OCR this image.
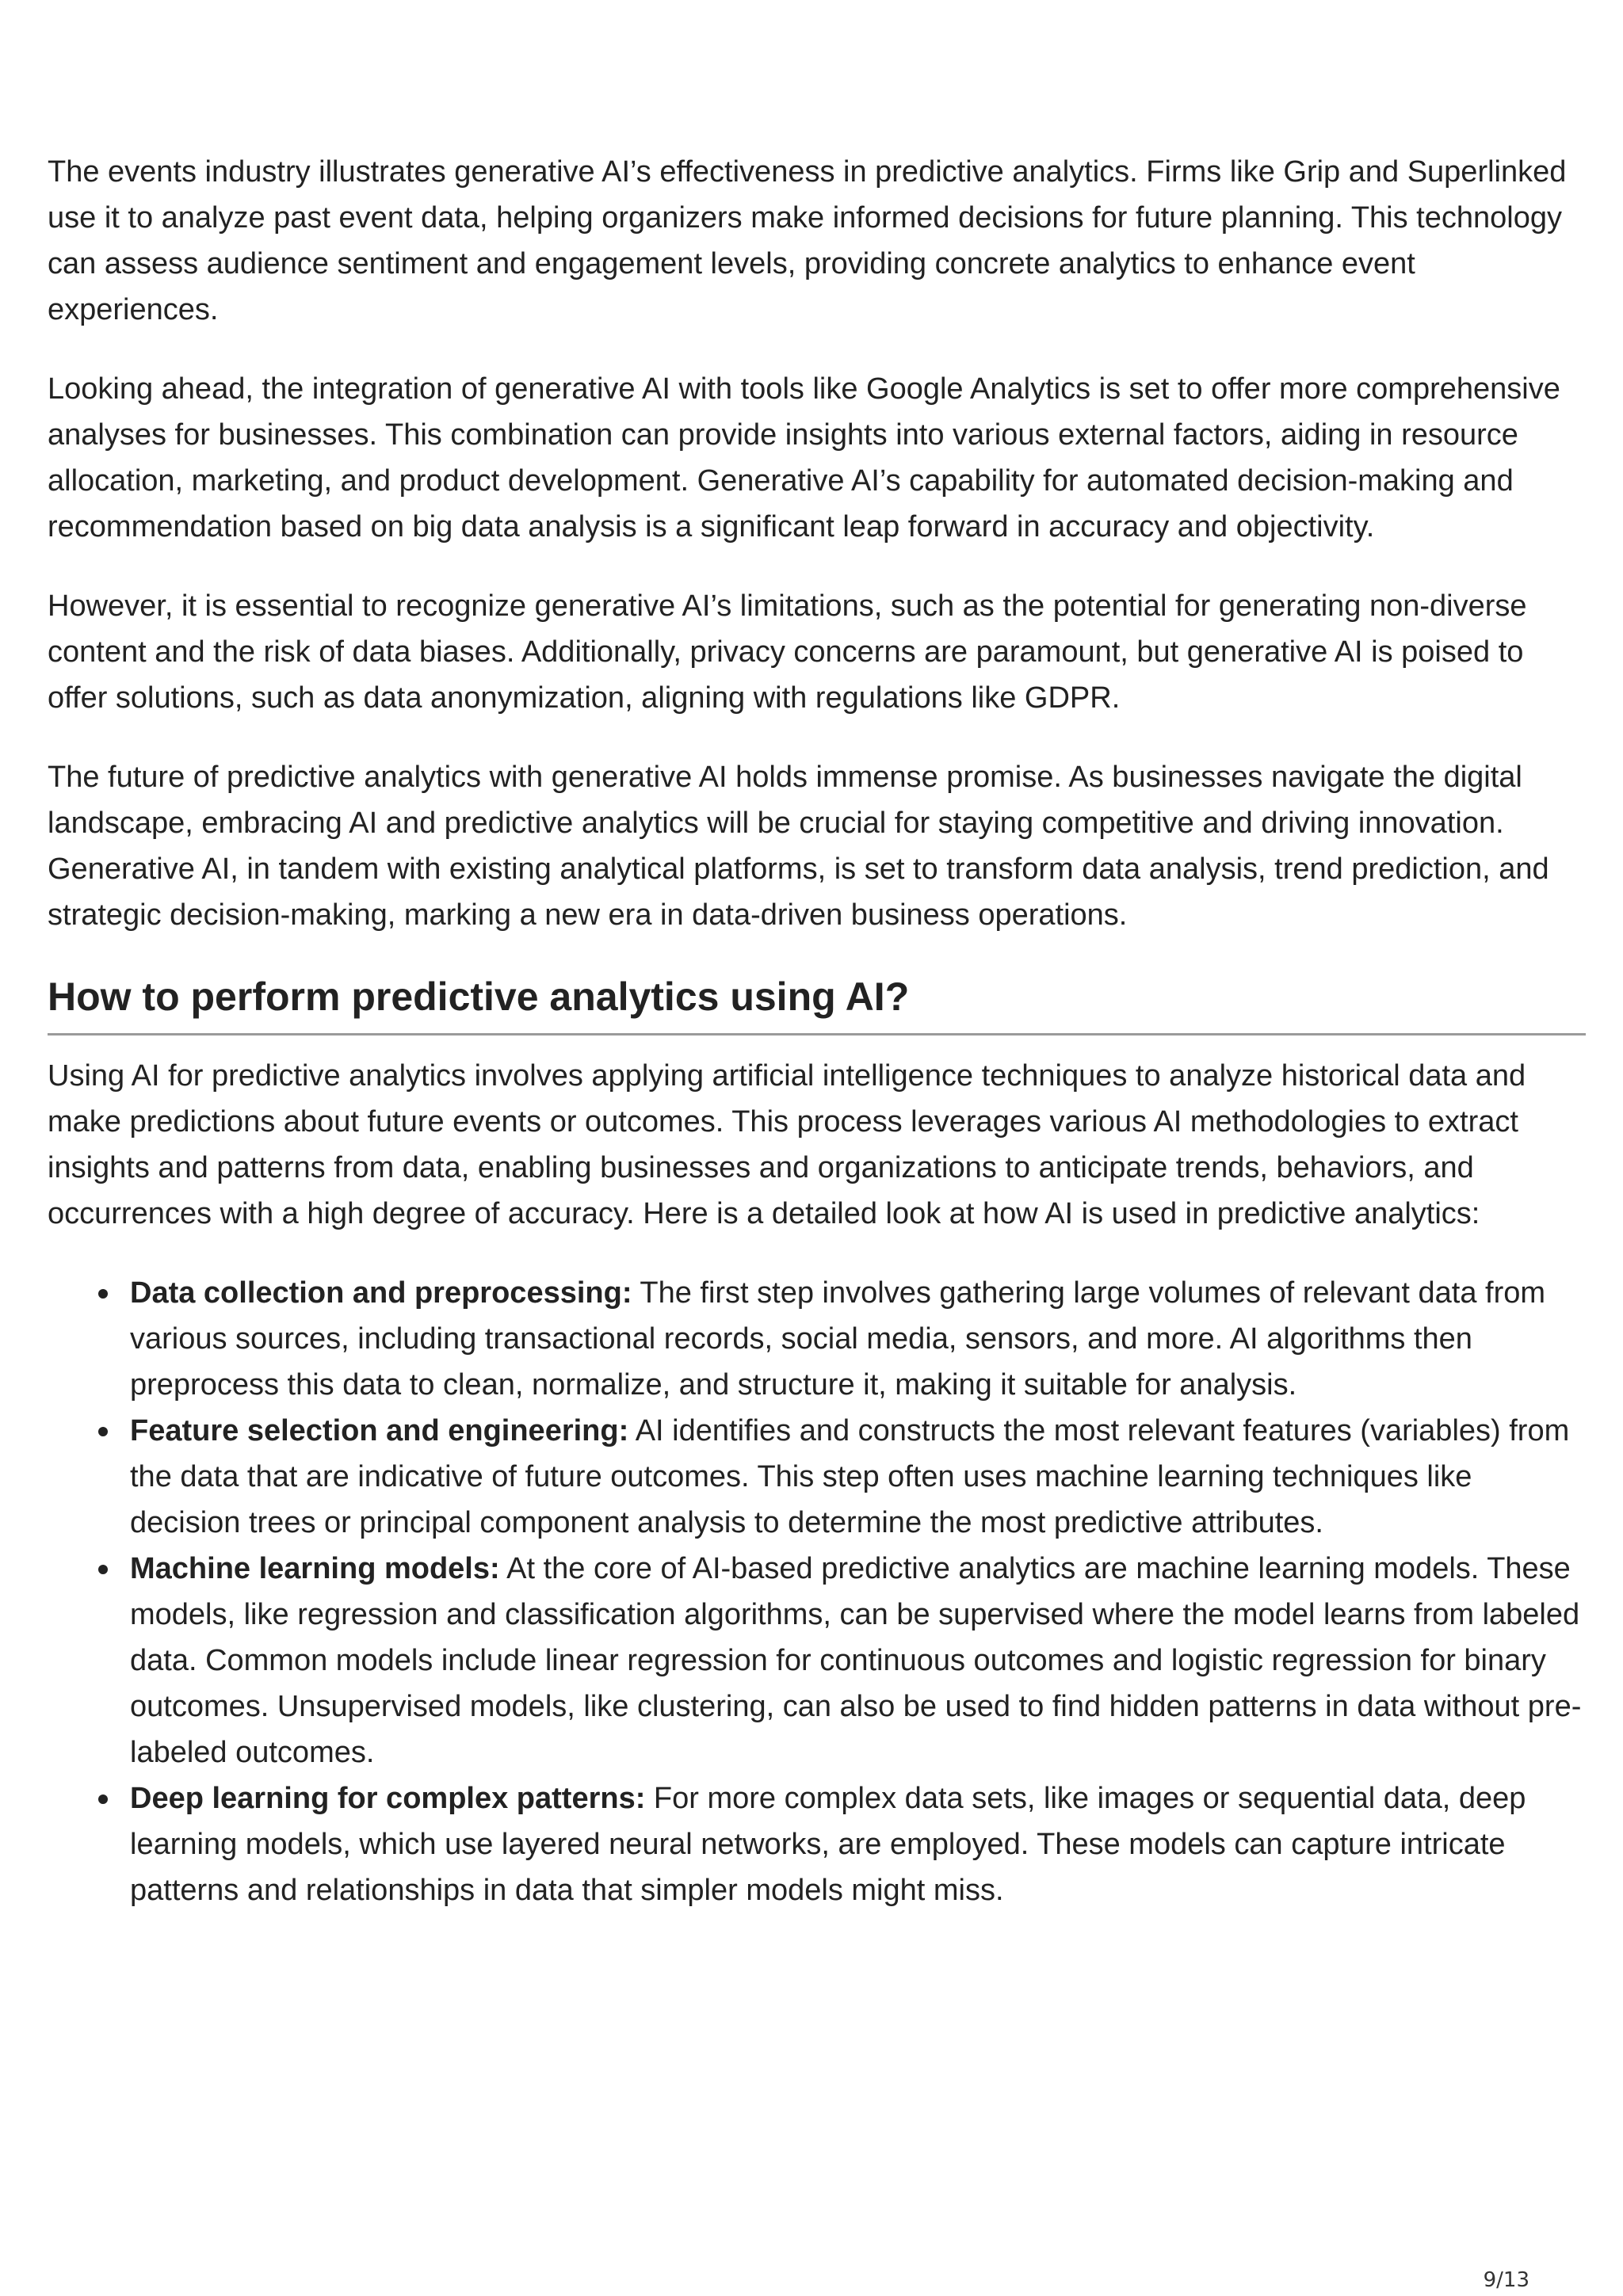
The events industry illustrates generative AI’s effectiveness in predictive analytics. Firms like Grip and Superlinked use it to analyze past event data, helping organizers make informed decisions for future planning. This technology can assess audience sentiment and engagement levels, providing concrete analytics to enhance event experiences.

Looking ahead, the integration of generative AI with tools like Google Analytics is set to offer more comprehensive analyses for businesses. This combination can provide insights into various external factors, aiding in resource allocation, marketing, and product development. Generative AI’s capability for automated decision-making and recommendation based on big data analysis is a significant leap forward in accuracy and objectivity.

However, it is essential to recognize generative AI’s limitations, such as the potential for generating non-diverse content and the risk of data biases. Additionally, privacy concerns are paramount, but generative AI is poised to offer solutions, such as data anonymization, aligning with regulations like GDPR.

The future of predictive analytics with generative AI holds immense promise. As businesses navigate the digital landscape, embracing AI and predictive analytics will be crucial for staying competitive and driving innovation. Generative AI, in tandem with existing analytical platforms, is set to transform data analysis, trend prediction, and strategic decision-making, marking a new era in data-driven business operations.

How to perform predictive analytics using AI?

Using AI for predictive analytics involves applying artificial intelligence techniques to analyze historical data and make predictions about future events or outcomes. This process leverages various AI methodologies to extract insights and patterns from data, enabling businesses and organizations to anticipate trends, behaviors, and occurrences with a high degree of accuracy. Here is a detailed look at how AI is used in predictive analytics:

Data collection and preprocessing: The first step involves gathering large volumes of relevant data from various sources, including transactional records, social media, sensors, and more. AI algorithms then preprocess this data to clean, normalize, and structure it, making it suitable for analysis.
Feature selection and engineering: AI identifies and constructs the most relevant features (variables) from the data that are indicative of future outcomes. This step often uses machine learning techniques like decision trees or principal component analysis to determine the most predictive attributes.
Machine learning models: At the core of AI-based predictive analytics are machine learning models. These models, like regression and classification algorithms, can be supervised where the model learns from labeled data. Common models include linear regression for continuous outcomes and logistic regression for binary outcomes. Unsupervised models, like clustering, can also be used to find hidden patterns in data without pre-labeled outcomes.
Deep learning for complex patterns: For more complex data sets, like images or sequential data, deep learning models, which use layered neural networks, are employed. These models can capture intricate patterns and relationships in data that simpler models might miss.
9/13
